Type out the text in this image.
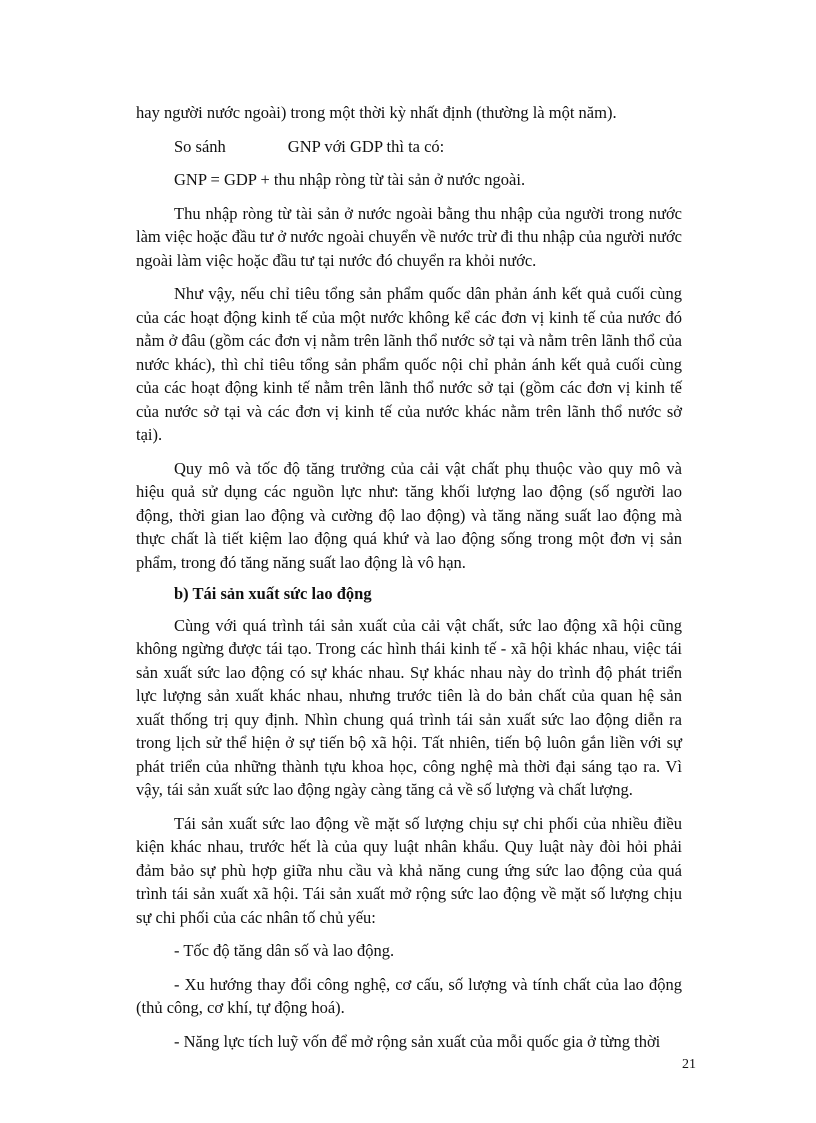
hay người nước ngoài) trong một thời kỳ nhất định (thường là một năm).

So sánh	GNP với GDP thì ta có:

GNP = GDP + thu nhập ròng từ tài sản ở nước ngoài.

Thu nhập ròng từ tài sản ở nước ngoài bằng thu nhập của người trong nước làm việc hoặc đầu tư ở nước ngoài chuyển về nước trừ đi thu nhập của người nước ngoài làm việc hoặc đầu tư tại nước đó chuyển ra khỏi nước.

Như vậy, nếu chỉ tiêu tổng sản phẩm quốc dân phản ánh kết quả cuối cùng của các hoạt động kinh tế của một nước không kể các đơn vị kinh tế của nước đó nằm ở đâu (gồm các đơn vị nằm trên lãnh thổ nước sở tại và nằm trên lãnh thổ của nước khác), thì chỉ tiêu tổng sản phẩm quốc nội chỉ phản ánh kết quả cuối cùng của các hoạt động kinh tế nằm trên lãnh thổ nước sở tại (gồm các đơn vị kinh tế của nước sở tại và các đơn vị kinh tế của nước khác nằm trên lãnh thổ nước sở tại).

Quy mô và tốc độ tăng trưởng của cải vật chất phụ thuộc vào quy mô và hiệu quả sử dụng các nguồn lực như: tăng khối lượng lao động (số người lao động, thời gian lao động và cường độ lao động) và tăng năng suất lao động mà thực chất là tiết kiệm lao động quá khứ và lao động sống trong một đơn vị sản phẩm, trong đó tăng năng suất lao động là vô hạn.

b) Tái sản xuất sức lao động

Cùng với quá trình tái sản xuất của cải vật chất, sức lao động xã hội cũng không ngừng được tái tạo. Trong các hình thái kinh tế - xã hội khác nhau, việc tái sản xuất sức lao động có sự khác nhau. Sự khác nhau này do trình độ phát triển lực lượng sản xuất khác nhau, nhưng trước tiên là do bản chất của quan hệ sản xuất thống trị quy định. Nhìn chung quá trình tái sản xuất sức lao động diễn ra trong lịch sử thể hiện ở sự tiến bộ xã hội. Tất nhiên, tiến bộ luôn gắn liền với sự phát triển của những thành tựu khoa học, công nghệ mà thời đại sáng tạo ra. Vì vậy, tái sản xuất sức lao động ngày càng tăng cả về số lượng và chất lượng.

Tái sản xuất sức lao động về mặt số lượng chịu sự chi phối của nhiều điều kiện khác nhau, trước hết là của quy luật nhân khẩu. Quy luật này đòi hỏi phải đảm bảo sự phù hợp giữa nhu cầu và khả năng cung ứng sức lao động của quá trình tái sản xuất xã hội. Tái sản xuất mở rộng sức lao động về mặt số lượng chịu sự chi phối của các nhân tố chủ yếu:

- Tốc độ tăng dân số và lao động.

- Xu hướng thay đổi công nghệ, cơ cấu, số lượng và tính chất của lao động (thủ công, cơ khí, tự động hoá).

- Năng lực tích luỹ vốn để mở rộng sản xuất của mỗi quốc gia ở từng thời

21
